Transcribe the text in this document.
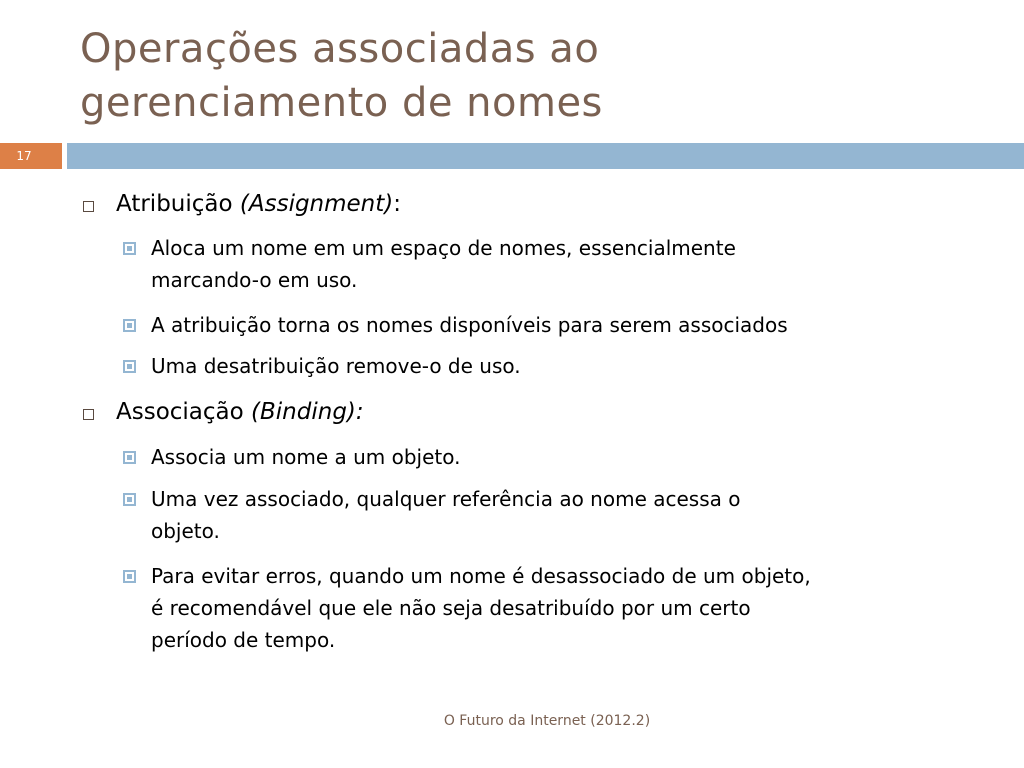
Operações associadas ao
gerenciamento de nomes
17
Atribuição (Assignment):
Aloca um nome em um espaço de nomes, essencialmente
marcando-o em uso.
A atribuição torna os nomes disponíveis para serem associados
Uma desatribuição remove-o de uso.
Associação (Binding):
Associa um nome a um objeto.
Uma vez associado, qualquer referência ao nome acessa o
objeto.
Para evitar erros, quando um nome é desassociado de um objeto,
é recomendável que ele não seja desatribuído por um certo
período de tempo.
O Futuro da Internet (2012.2)
